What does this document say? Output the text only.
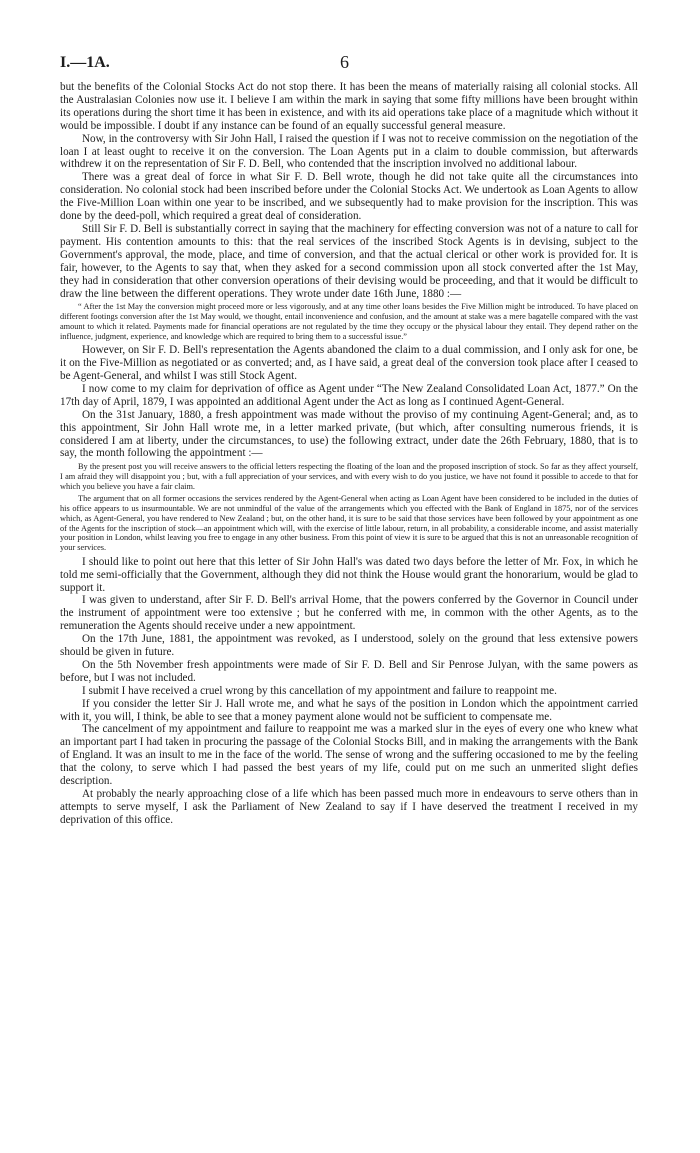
I.—1A.	6

but the benefits of the Colonial Stocks Act do not stop there. It has been the means of materially raising all colonial stocks. All the Australasian Colonies now use it. I believe I am within the mark in saying that some fifty millions have been brought within its operations during the short time it has been in existence, and with its aid operations take place of a magnitude which without it would be impossible. I doubt if any instance can be found of an equally successful general measure.

Now, in the controversy with Sir John Hall, I raised the question if I was not to receive commission on the negotiation of the loan I at least ought to receive it on the conversion. The Loan Agents put in a claim to double commission, but afterwards withdrew it on the representation of Sir F. D. Bell, who contended that the inscription involved no additional labour.

There was a great deal of force in what Sir F. D. Bell wrote, though he did not take quite all the circumstances into consideration. No colonial stock had been inscribed before under the Colonial Stocks Act. We undertook as Loan Agents to allow the Five-Million Loan within one year to be inscribed, and we subsequently had to make provision for the inscription. This was done by the deed-poll, which required a great deal of consideration.

Still Sir F. D. Bell is substantially correct in saying that the machinery for effecting conversion was not of a nature to call for payment. His contention amounts to this: that the real services of the inscribed Stock Agents is in devising, subject to the Government's approval, the mode, place, and time of conversion, and that the actual clerical or other work is provided for. It is fair, however, to the Agents to say that, when they asked for a second commission upon all stock converted after the 1st May, they had in consideration that other conversion operations of their devising would be proceeding, and that it would be difficult to draw the line between the different operations. They wrote under date 16th June, 1880 :—

“ After the 1st May the conversion might proceed more or less vigorously, and at any time other loans besides the Five Million might be introduced. To have placed on different footings conversion after the 1st May would, we thought, entail inconvenience and confusion, and the amount at stake was a mere bagatelle compared with the vast amount to which it related. Payments made for financial operations are not regulated by the time they occupy or the physical labour they entail. They depend rather on the influence, judgment, experience, and knowledge which are required to bring them to a successful issue.”

However, on Sir F. D. Bell's representation the Agents abandoned the claim to a dual commission, and I only ask for one, be it on the Five-Million as negotiated or as converted; and, as I have said, a great deal of the conversion took place after I ceased to be Agent-General, and whilst I was still Stock Agent.

I now come to my claim for deprivation of office as Agent under “The New Zealand Consolidated Loan Act, 1877.” On the 17th day of April, 1879, I was appointed an additional Agent under the Act as long as I continued Agent-General.

On the 31st January, 1880, a fresh appointment was made without the proviso of my continuing Agent-General; and, as to this appointment, Sir John Hall wrote me, in a letter marked private, (but which, after consulting numerous friends, it is considered I am at liberty, under the circumstances, to use) the following extract, under date the 26th February, 1880, that is to say, the month following the appointment :—

By the present post you will receive answers to the official letters respecting the floating of the loan and the proposed inscription of stock. So far as they affect yourself, I am afraid they will disappoint you ; but, with a full appreciation of your services, and with every wish to do you justice, we have not found it possible to accede to that for which you believe you have a fair claim.

The argument that on all former occasions the services rendered by the Agent-General when acting as Loan Agent have been considered to be included in the duties of his office appears to us insurmountable. We are not unmindful of the value of the arrangements which you effected with the Bank of England in 1875, nor of the services which, as Agent-General, you have rendered to New Zealand ; but, on the other hand, it is sure to be said that those services have been followed by your appointment as one of the Agents for the inscription of stock—an appointment which will, with the exercise of little labour, return, in all probability, a considerable income, and assist materially your position in London, whilst leaving you free to engage in any other business. From this point of view it is sure to be argued that this is not an unreasonable recognition of your services.

I should like to point out here that this letter of Sir John Hall's was dated two days before the letter of Mr. Fox, in which he told me semi-officially that the Government, although they did not think the House would grant the honorarium, would be glad to support it.

I was given to understand, after Sir F. D. Bell's arrival Home, that the powers conferred by the Governor in Council under the instrument of appointment were too extensive ; but he conferred with me, in common with the other Agents, as to the remuneration the Agents should receive under a new appointment.

On the 17th June, 1881, the appointment was revoked, as I understood, solely on the ground that less extensive powers should be given in future.

On the 5th November fresh appointments were made of Sir F. D. Bell and Sir Penrose Julyan, with the same powers as before, but I was not included.

I submit I have received a cruel wrong by this cancellation of my appointment and failure to reappoint me.

If you consider the letter Sir J. Hall wrote me, and what he says of the position in London which the appointment carried with it, you will, I think, be able to see that a money payment alone would not be sufficient to compensate me.

The cancelment of my appointment and failure to reappoint me was a marked slur in the eyes of every one who knew what an important part I had taken in procuring the passage of the Colonial Stocks Bill, and in making the arrangements with the Bank of England. It was an insult to me in the face of the world. The sense of wrong and the suffering occasioned to me by the feeling that the colony, to serve which I had passed the best years of my life, could put on me such an unmerited slight defies description.

At probably the nearly approaching close of a life which has been passed much more in endeavours to serve others than in attempts to serve myself, I ask the Parliament of New Zealand to say if I have deserved the treatment I received in my deprivation of this office.
